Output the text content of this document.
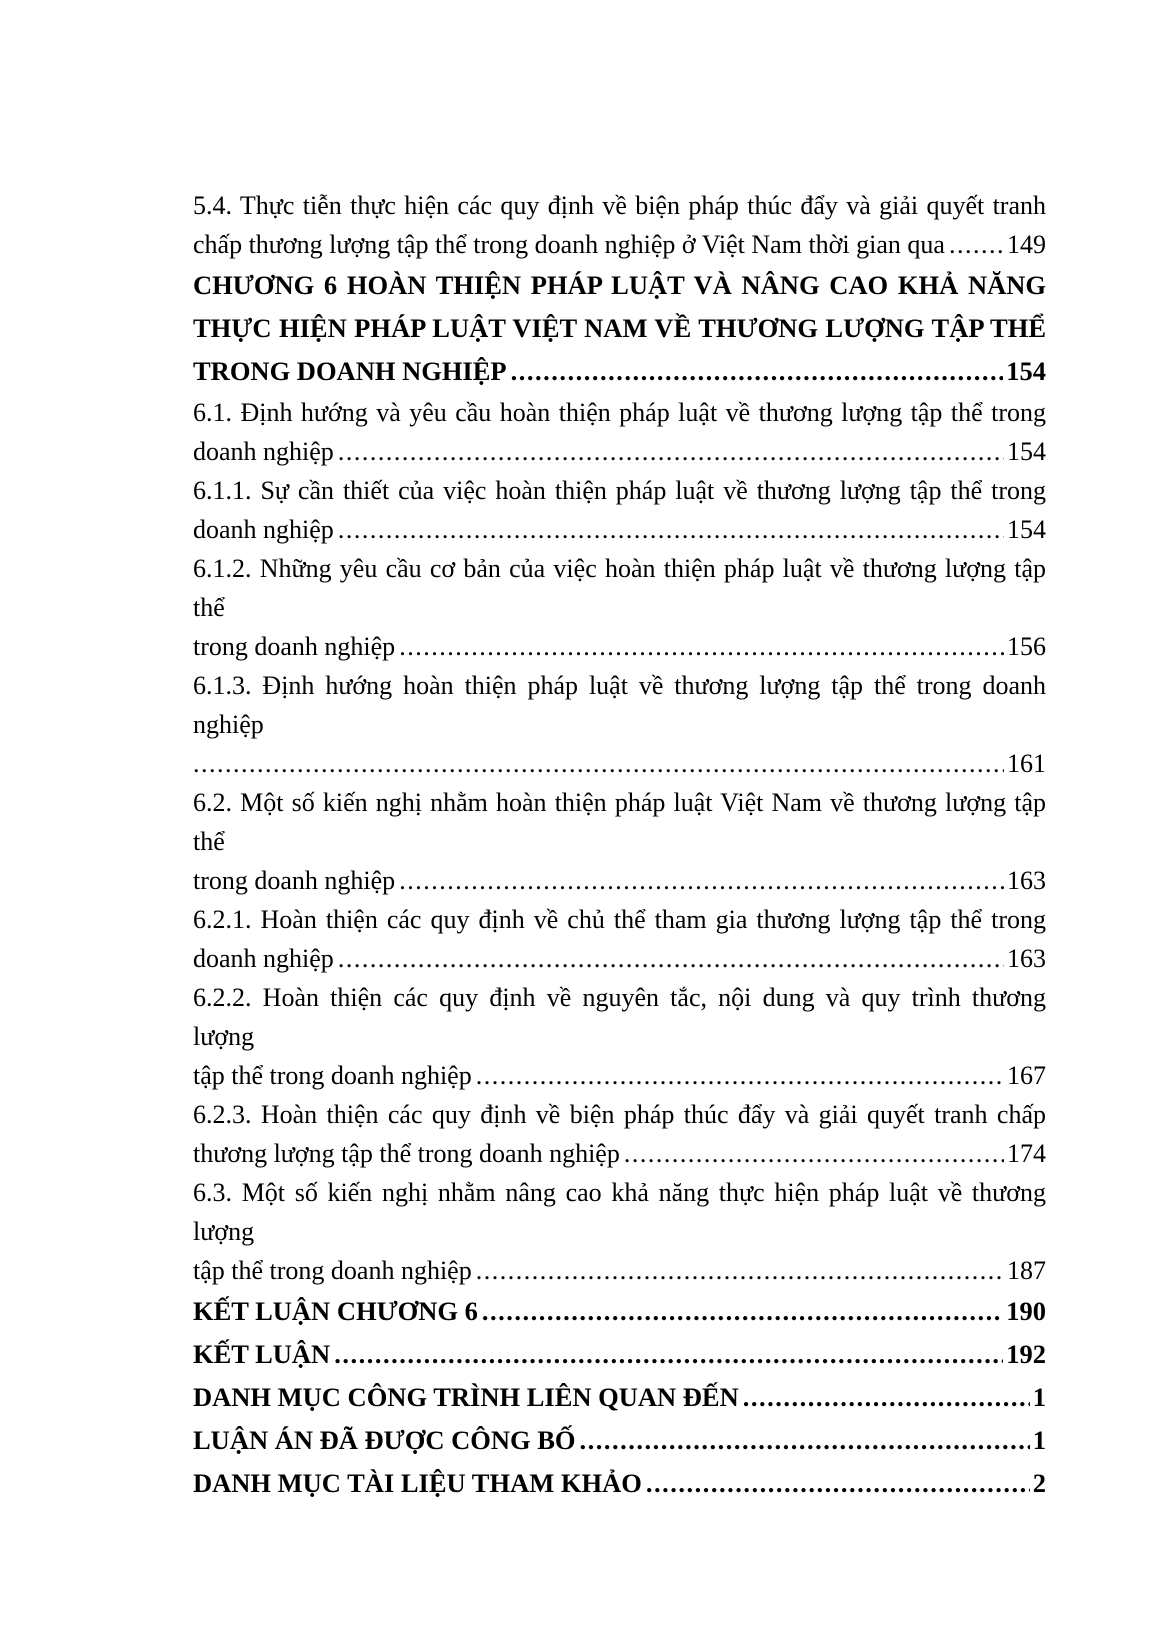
5.4. Thực tiễn thực hiện các quy định về biện pháp thúc đẩy và giải quyết tranh
chấp thương lượng tập thể trong doanh nghiệp ở Việt Nam thời gian qua ..... 149
CHƯƠNG 6 HOÀN THIỆN PHÁP LUẬT VÀ NÂNG CAO KHẢ NĂNG
THỰC HIỆN PHÁP LUẬT VIỆT NAM VỀ THƯƠNG LƯỢNG TẬP THỂ
TRONG DOANH NGHIỆP .....	154
6.1. Định hướng và yêu cầu hoàn thiện pháp luật về thương lượng tập thể trong
doanh nghiệp .....	154
6.1.1. Sự cần thiết của việc hoàn thiện pháp luật về thương lượng tập thể trong
doanh nghiệp .....	154
6.1.2. Những yêu cầu cơ bản của việc hoàn thiện pháp luật về thương lượng tập thể
trong doanh nghiệp .....	156
6.1.3. Định hướng hoàn thiện pháp luật về thương lượng tập thể trong doanh nghiệp
.....
161
6.2. Một số kiến nghị nhằm hoàn thiện pháp luật Việt Nam về thương lượng tập thể
trong doanh nghiệp .....	163
6.2.1. Hoàn thiện các quy định về chủ thể tham gia thương lượng tập thể trong
doanh nghiệp .....	163
6.2.2. Hoàn thiện các quy định về nguyên tắc, nội dung và quy trình thương lượng
tập thể trong doanh nghiệp .....	167
6.2.3. Hoàn thiện các quy định về biện pháp thúc đẩy và giải quyết tranh chấp
thương lượng tập thể trong doanh nghiệp .....	174
6.3. Một số kiến nghị nhằm nâng cao khả năng thực hiện pháp luật về thương lượng
tập thể trong doanh nghiệp .....	187
KẾT LUẬN CHƯƠNG 6 .....	190
KẾT LUẬN .....	192
DANH MỤC CÔNG TRÌNH LIÊN QUAN ĐẾN .....	1
LUẬN ÁN ĐÃ ĐƯỢC CÔNG BỐ .....	1
DANH MỤC TÀI LIỆU THAM KHẢO .....	2
